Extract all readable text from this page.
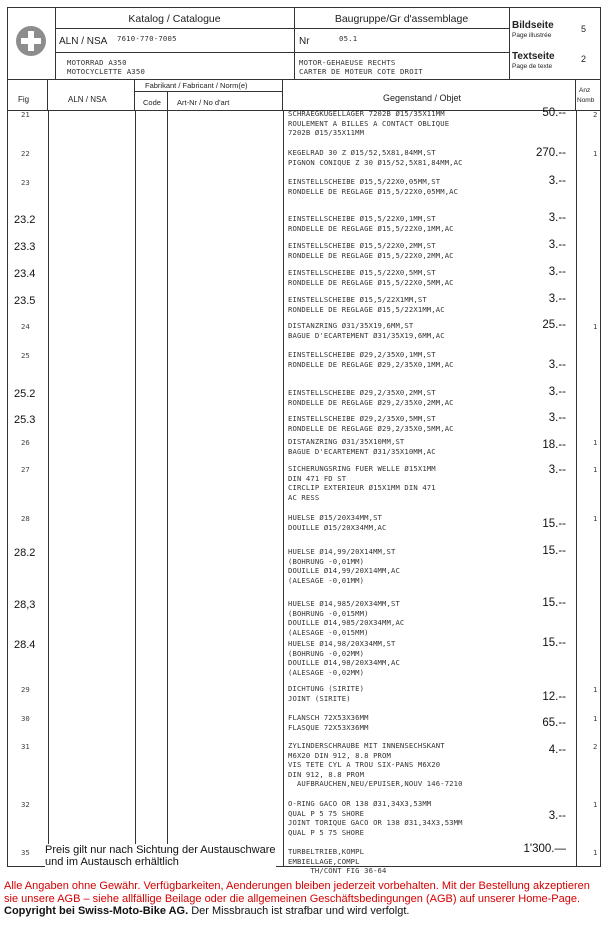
Katalog / Catalogue
ALN / NSA 7610-770-7005
MOTORRAD A350
MOTOCYCLETTE A350
Baugruppe/Gr d'assemblage
Nr	05.1
MOTOR-GEHAEUSE RECHTS
CARTER DE MOTEUR COTE DROIT
Bildseite
Page illustrée
5
Textseite
Page de texte
2
Fig	ALN / NSA
Fabrikant / Fabricant / Norm(e)
Code Art-Nr / No d'art	Gegenstand / Objet
Anz
Nomb
21	SCHRAEGKUGELLAGER 7202B Ø15/35X11MM
ROULEMENT A BILLES A CONTACT OBLIQUE
7202B Ø15/35X11MM
50.--	2
22	KEGELRAD 30 Z Ø15/52,5X81,84MM,ST
PIGNON CONIQUE Z 30 Ø15/52,5X81,84MM,AC
270.--	1
23	EINSTELLSCHEIBE Ø15,5/22X0,05MM,ST
RONDELLE DE REGLAGE Ø15,5/22X0,05MM,AC
3.--
23.2	EINSTELLSCHEIBE Ø15,5/22X0,1MM,ST
RONDELLE DE REGLAGE Ø15,5/22X0,1MM,AC
3.--
23.3	EINSTELLSCHEIBE Ø15,5/22X0,2MM,ST
RONDELLE DE REGLAGE Ø15,5/22X0,2MM,AC
3.--
23.4	EINSTELLSCHEIBE Ø15,5/22X0,5MM,ST
RONDELLE DE REGLAGE Ø15,5/22X0,5MM,AC
3.--
23.5	EINSTELLSCHEIBE Ø15,5/22X1MM,ST
RONDELLE DE REGLAGE Ø15,5/22X1MM,AC
3.--
24	DISTANZRING Ø31/35X19,6MM,ST
BAGUE D'ECARTEMENT Ø31/35X19,6MM,AC
25.--	1
25	EINSTELLSCHEIBE Ø29,2/35X0,1MM,ST
RONDELLE DE REGLAGE Ø29,2/35X0,1MM,AC	3.--
25.2	EINSTELLSCHEIBE Ø29,2/35X0,2MM,ST
RONDELLE DE REGLAGE Ø29,2/35X0,2MM,AC
3.--
25.3	EINSTELLSCHEIBE Ø29,2/35X0,5MM,ST
RONDELLE DE REGLAGE Ø29,2/35X0,5MM,AC
3.--
26	DISTANZRING Ø31/35X10MM,ST
BAGUE D'ECARTEMENT Ø31/35X10MM,AC
18.--	1
27	SICHERUNGSRING FUER WELLE Ø15X1MM
DIN 471 FD ST
CIRCLIP EXTERIEUR Ø15X1MM DIN 471
AC RESS
3.--	1
28	HUELSE Ø15/20X34MM,ST
DOUILLE Ø15/20X34MM,AC	15.--	1
28.2	HUELSE Ø14,99/20X14MM,ST
(BOHRUNG -0,01MM)
DOUILLE Ø14,99/20X14MM,AC
(ALESAGE -0,01MM)
15.--
28,3	HUELSE Ø14,985/20X34MM,ST
(BOHRUNG -0,015MM)
DOUILLE Ø14,985/20X34MM,AC
(ALESAGE -0,015MM)
15.--
28.4	HUELSE Ø14,98/20X34MM,ST
(BOHRUNG -0,02MM)
DOUILLE Ø14,98/20X34MM,AC
(ALESAGE -0,02MM)
15.--
29	DICHTUNG (SIRITE)
JOINT (SIRITE)	12.--
1
30	FLANSCH 72X53X36MM
FLASQUE 72X53X36MM	65.--	1
31	ZYLINDERSCHRAUBE MIT INNENSECHSKANT
M6X20 DIN 912, 8.8 PROM
VIS TETE CYL A TROU SIX-PANS M6X20
DIN 912, 8.8 PROM
AUFBRAUCHEN,NEU/EPUISER,NOUV 146-7210
4.--	2
32	O-RING GACO OR 138 Ø31,34X3,53MM
QUAL P 5 75 SHORE
JOINT TORIQUE GACO OR 138 Ø31,34X3,53MM
QUAL P 5 75 SHORE
3.--
1
35	TURBELTRIEB,KOMPL
EMBIELLAGE,COMPL
TH/CONT FIG 36-64
1'300.—	1
Preis gilt nur nach Sichtung der Austauschware
und im Austausch erhältlich
Alle Angaben ohne Gewähr. Verfügbarkeiten, Aenderungen bleiben jederzeit vorbehalten. Mit der Bestellung akzeptieren sie unsere AGB – siehe allfällige Beilage oder die allgemeinen Geschäftsbedingungen (AGB) auf unserer Home-Page. Copyright bei Swiss-Moto-Bike AG. Der Missbrauch ist strafbar und wird verfolgt.
